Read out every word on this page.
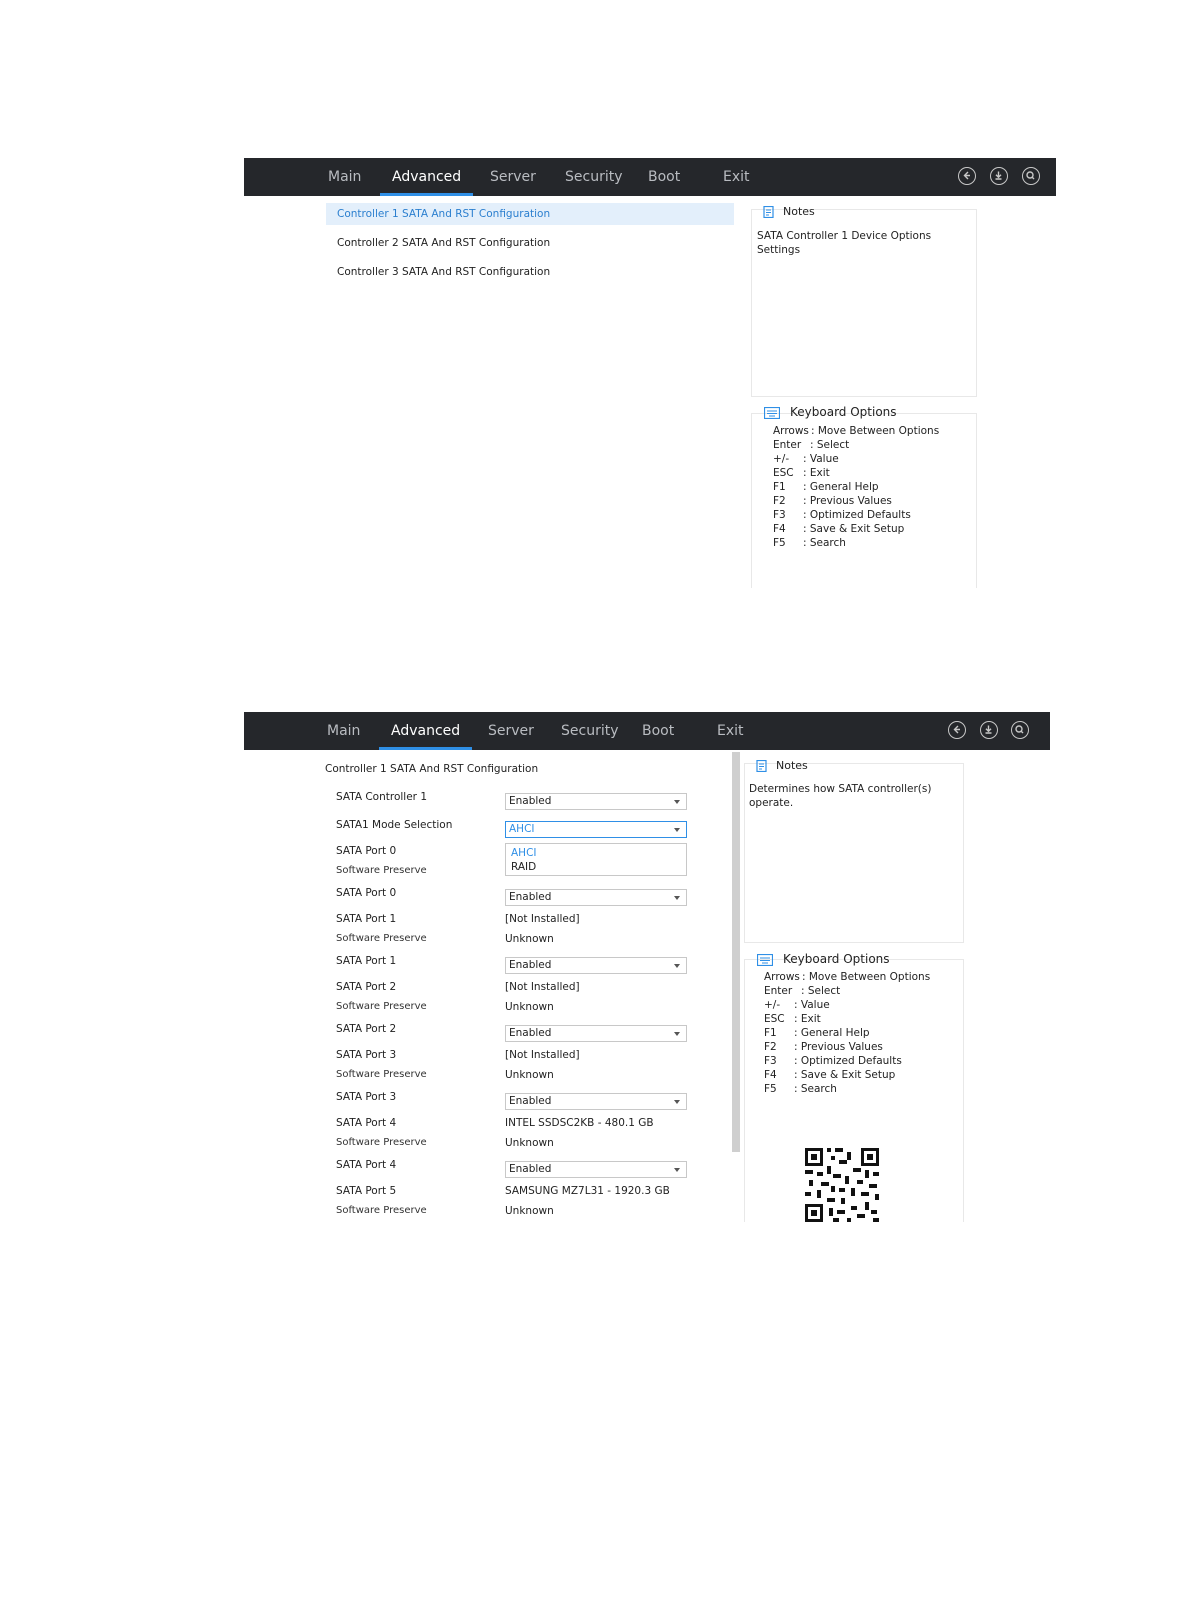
Main Advanced Server Security Boot	Exit
Controller 1 SATA And RST Configuration
Controller 2 SATA And RST Configuration
Controller 3 SATA And RST Configuration
Notes
SATA Controller 1 Device Options Settings
Keyboard Options
Arrows : Move Between Options
Enter : Select
+/- : Value
ESC : Exit
F1 : General Help
F2 : Previous Values
F3 : Optimized Defaults
F4 : Save & Exit Setup
F5 : Search
Main Advanced Server Security Boot	Exit
Controller 1 SATA And RST Configuration
SATA Controller 1
SATA1 Mode Selection
SATA Port 0
Software Preserve
SATA Port 0
SATA Port 1
Software Preserve
SATA Port 1
SATA Port 2
Software Preserve
SATA Port 2
SATA Port 3
Software Preserve
SATA Port 3
SATA Port 4
Software Preserve
SATA Port 4
SATA Port 5
Software Preserve
Enabled
AHCI
AHCI
RAID
Enabled
[Not Installed]
Unknown
Enabled
[Not Installed]
Unknown
Enabled
[Not Installed]
Unknown
Enabled
INTEL SSDSC2KB - 480.1 GB
Unknown
Enabled
SAMSUNG MZ7L31 - 1920.3 GB
Unknown
Notes
Determines how SATA controller(s) operate.
Keyboard Options
Arrows : Move Between Options
Enter : Select
+/- : Value
ESC : Exit
F1 : General Help
F2 : Previous Values
F3 : Optimized Defaults
F4 : Save & Exit Setup
F5 : Search
